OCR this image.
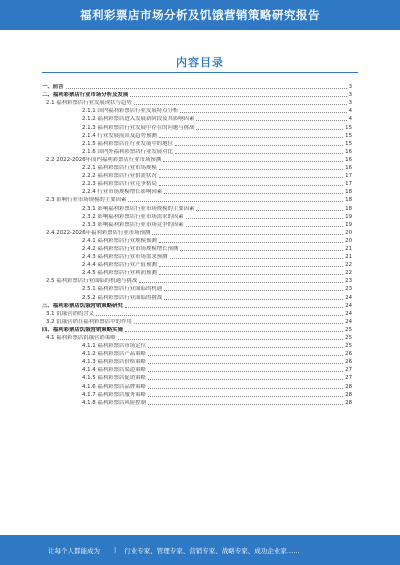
福利彩票店市场分析及饥饿营销策略研究报告
内容目录
一、前言	3
二、福利彩票店行业市场分析及发展	3
2.1 福利彩票店行业发展现状与趋势	3
2.1.1 国内福利彩票店行业发展特点分析	4
2.1.2 福利彩票店进入发展新阶段及其影响因素	4
2.1.3 福利彩票店行业发展中存在的问题与挑战	15
2.1.4 行业发展前景及趋势预测	15
2.1.5 福利彩票店在行业发展中的地位	15
2.1.6 国内外福利彩票店行业发展对比	16
2.2 2022-2026年国内福利彩票店行业市场预测	16
2.2.1 福利彩票店行业市场规模	16
2.2.2 福利彩票店行业供需状况	17
2.2.3 福利彩票店行业竞争格局	17
2.2.4 行业市场规模增长影响因素	18
2.3 影响行业市场规模的主要因素	18
2.3.1 影响福利彩票店行业市场规模的主要因素	18
2.3.2 影响福利彩票店行业市场需求的因素	19
2.3.3 影响福利彩票店行业市场竞争的因素	19
2.4 2022-2026年福利彩票店行业市场预测	20
2.4.1 福利彩票店行业规模预测	20
2.4.2 福利彩票店行业市场规模增长预测	21
2.4.3 福利彩票店行业市场需求预测	21
2.4.4 福利彩票店行业产值预测	22
2.4.5 福利彩票店行业利润预测	22
2.5 福利彩票店行业面临的机遇与挑战	23
2.5.1 福利彩票店行业面临的机遇	23
2.5.2 福利彩票店行业面临的挑战	24
三、福利彩票店饥饿营销策略研究	24
3.1 饥饿营销的含义	24
3.2 饥饿营销在福利彩票店中的作用	24
四、福利彩票店饥饿营销策略实施	25
4.1 福利彩票店饥饿营销策略	25
4.1.1 福利彩票店市场定位	25
4.1.2 福利彩票店产品策略	26
4.1.3 福利彩票店价格策略	26
4.1.4 福利彩票店渠道策略	27
4.1.5 福利彩票店促销策略	27
4.1.6 福利彩票店品牌策略	28
4.1.7 福利彩票店服务策略	28
4.1.8 福利彩票店风险控制	28
让每个人都能成为 | 行业专家、管理专家、营销专家、战略专家、成功企业家……
